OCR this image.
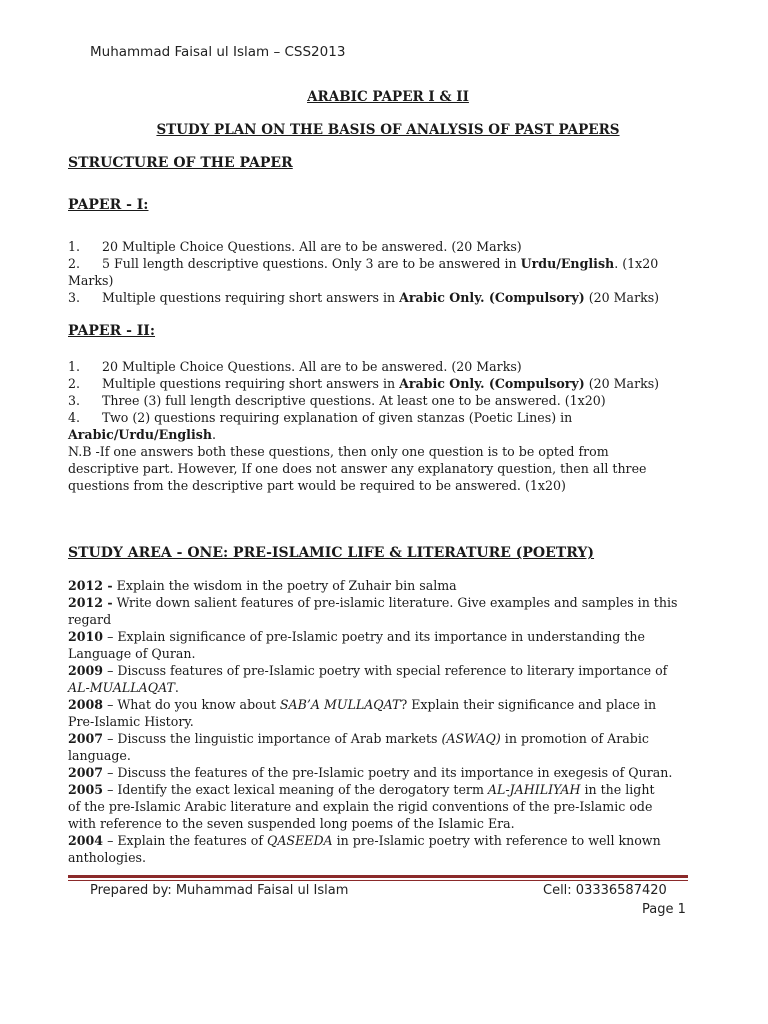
Muhammad Faisal ul Islam – CSS2013
ARABIC PAPER I & II
STUDY PLAN ON THE BASIS OF ANALYSIS OF PAST PAPERS
STRUCTURE OF THE PAPER
PAPER - I:
1.	20 Multiple Choice Questions. All are to be answered. (20 Marks)
2.	5 Full length descriptive questions. Only 3 are to be answered in Urdu/English. (1x20
Marks)
3.	Multiple questions requiring short answers in Arabic Only. (Compulsory) (20 Marks)
PAPER - II:
1.	20 Multiple Choice Questions. All are to be answered. (20 Marks)
2.	Multiple questions requiring short answers in Arabic Only. (Compulsory) (20 Marks)
3.	Three (3) full length descriptive questions. At least one to be answered. (1x20)
4.	Two (2) questions requiring explanation of given stanzas (Poetic Lines) in
Arabic/Urdu/English.
N.B -If one answers both these questions, then only one question is to be opted from
descriptive part. However, If one does not answer any explanatory question, then all three
questions from the descriptive part would be required to be answered. (1x20)
STUDY AREA - ONE: PRE-ISLAMIC LIFE & LITERATURE (POETRY)
2012 - Explain the wisdom in the poetry of Zuhair bin salma
2012 - Write down salient features of pre-islamic literature. Give examples and samples in this
regard
2010 – Explain significance of pre-Islamic poetry and its importance in understanding the
Language of Quran.
2009 – Discuss features of pre-Islamic poetry with special reference to literary importance of
AL-MUALLAQAT.
2008 – What do you know about SAB’A MULLAQAT? Explain their significance and place in
Pre-Islamic History.
2007 – Discuss the linguistic importance of Arab markets (ASWAQ) in promotion of Arabic
language.
2007 – Discuss the features of the pre-Islamic poetry and its importance in exegesis of Quran.
2005 – Identify the exact lexical meaning of the derogatory term AL-JAHILIYAH in the light
of the pre-Islamic Arabic literature and explain the rigid conventions of the pre-Islamic ode
with reference to the seven suspended long poems of the Islamic Era.
2004 – Explain the features of QASEEDA in pre-Islamic poetry with reference to well known
anthologies.
Prepared by: Muhammad Faisal ul Islam	Cell: 03336587420
Page 1
